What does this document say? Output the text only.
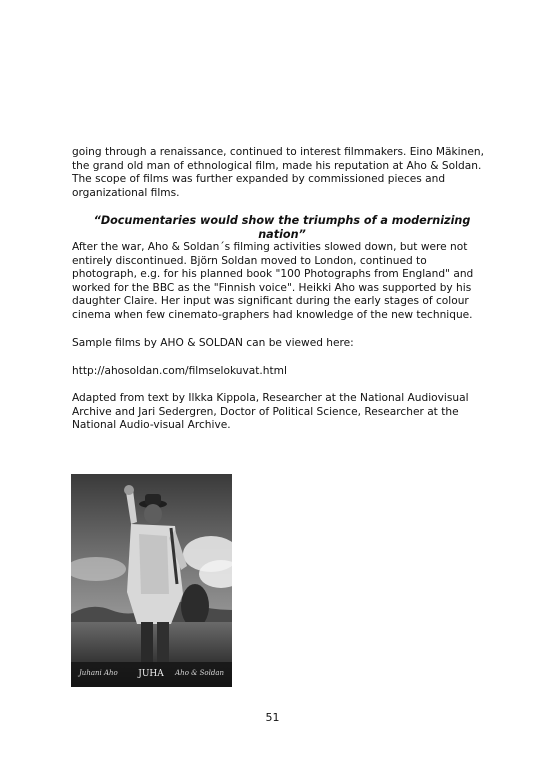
going through a renaissance, continued to interest filmmakers. Eino Mäkinen, the grand old man of ethnological film, made his reputation at Aho & Soldan. The scope of films was further expanded by commissioned pieces and organizational films.

“Documentaries would show the triumphs of a modernizing nation”

After the war, Aho & Soldan´s filming activities slowed down, but were not entirely discontinued. Björn Soldan moved to London, continued to photograph, e.g. for his planned book "100 Photographs from England" and worked for the BBC as the "Finnish voice". Heikki Aho was supported by his daughter Claire. Her input was significant during the early stages of colour cinema when few cinemato-graphers had knowledge of the new technique.

Sample films by AHO & SOLDAN can be viewed here:

http://ahosoldan.com/filmselokuvat.html

Adapted from text by Ilkka Kippola, Researcher at the National Audiovisual Archive and Jari Sedergren, Doctor of Political Science, Researcher at the National Audio-visual Archive.

Juhani Aho JUHA Aho & Soldan
51
